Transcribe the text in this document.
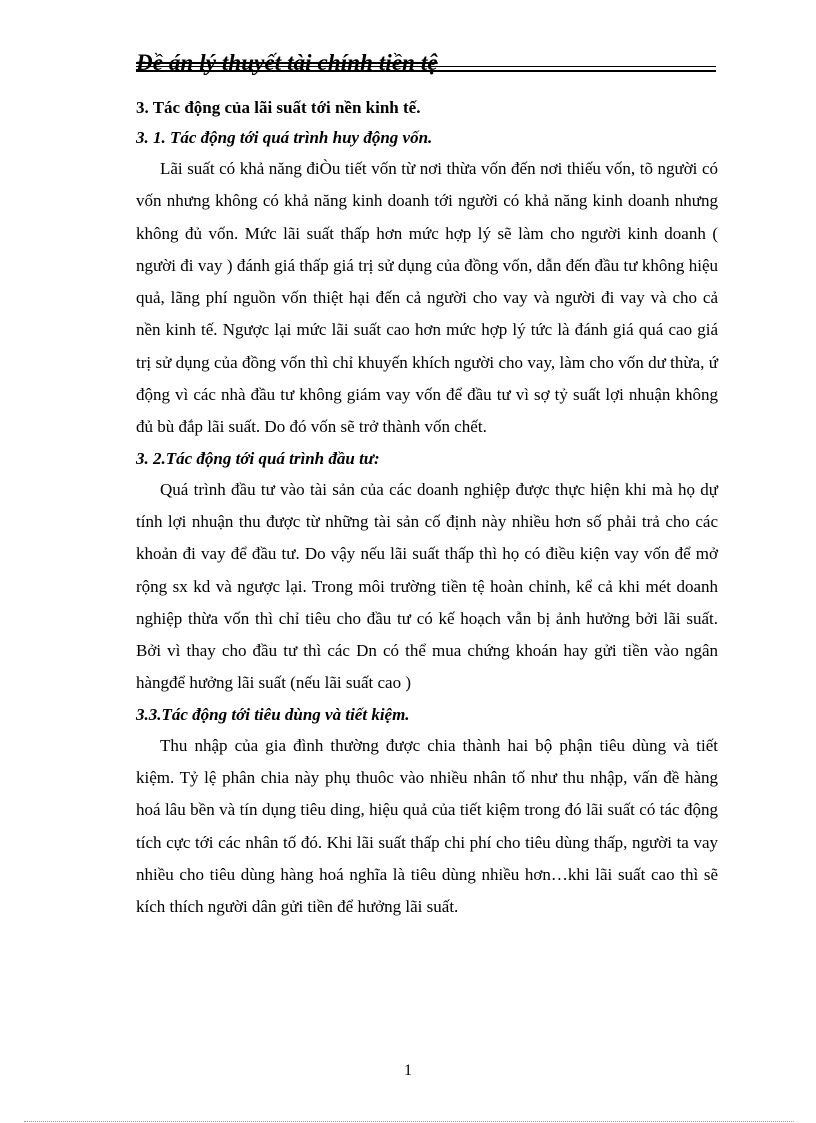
Đề án lý thuyết tài chính tiền tệ

3. Tác động của lãi suất tới nền kinh tế.

3. 1. Tác động tới quá trình huy động vốn.

Lãi suất có khả năng điÒu tiết vốn từ nơi thừa vốn đến nơi thiếu vốn, tõ người có vốn nhưng không có khả năng kinh doanh tới người có khả năng kinh doanh nhưng không đủ vốn. Mức lãi suất thấp hơn mức hợp lý sẽ làm cho người kinh doanh ( người đi vay ) đánh giá thấp giá trị sử dụng của đồng vốn, dẫn đến đầu tư không hiệu quả, lãng phí nguồn vốn thiệt hại đến cả người cho vay và người đi vay và cho cả nền kinh tế. Ngược lại mức lãi suất cao hơn mức hợp lý tức là đánh giá quá cao giá trị sử dụng của đồng vốn thì chỉ khuyến khích người cho vay, làm cho vốn dư thừa, ứ động vì các nhà đầu tư không giám vay vốn để đầu tư vì sợ tỷ suất lợi nhuận không đủ bù đắp lãi suất. Do đó vốn sẽ trở thành vốn chết.

3. 2.Tác động tới quá trình đầu tư:

Quá trình đầu tư vào tài sản của các doanh nghiệp được thực hiện khi mà họ dự tính lợi nhuận thu được từ những tài sản cố định này nhiều hơn số phải trả cho các khoản đi vay để đầu tư. Do vậy nếu lãi suất thấp thì họ có điều kiện vay vốn để mở rộng sx kd và ngược lại. Trong môi trường tiền tệ hoàn chỉnh, kể cả khi mét doanh nghiệp thừa vốn thì chỉ tiêu cho đầu tư có kế hoạch vẫn bị ảnh hưởng bởi lãi suất. Bởi vì thay cho đầu tư thì các Dn có thể mua chứng khoán hay gửi tiền vào ngân hàngđể hưởng lãi suất (nếu lãi suất cao )

3.3.Tác động tới tiêu dùng và tiết kiệm.

Thu nhập của gia đình thường được chia thành hai bộ phận tiêu dùng và tiết kiệm. Tỷ lệ phân chia này phụ thuôc vào nhiều nhân tố như thu nhập, vấn đề hàng hoá lâu bền và tín dụng tiêu ding, hiệu quả của tiết kiệm trong đó lãi suất có tác động tích cực tới các nhân tố đó. Khi lãi suất thấp chi phí cho tiêu dùng thấp, người ta vay nhiều cho tiêu dùng hàng hoá nghĩa là tiêu dùng nhiều hơn…khi lãi suất cao thì sẽ kích thích người dân gửi tiền để hưởng lãi suất.

1
